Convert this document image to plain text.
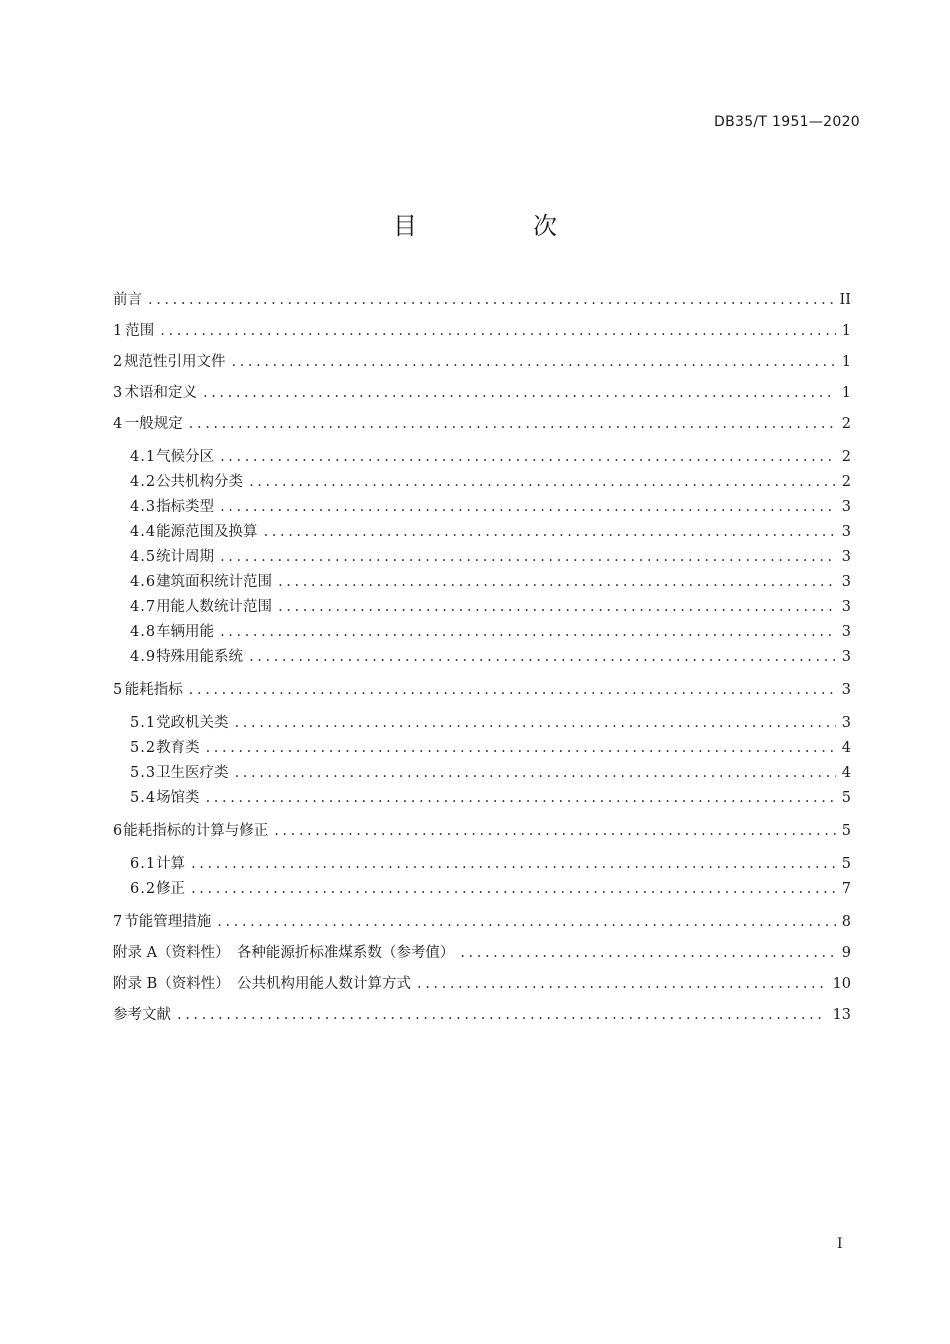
DB35/T 1951—2020
目　次
前言 .....	II
1 范围 .....	1
2 规范性引用文件 .....	1
3 术语和定义 .....	1
4 一般规定 .....	2
4.1 气候分区 .....	2
4.2 公共机构分类 .....	2
4.3 指标类型 .....	3
4.4 能源范围及换算 .....	3
4.5 统计周期 .....	3
4.6 建筑面积统计范围 .....	3
4.7 用能人数统计范围 .....	3
4.8 车辆用能 .....	3
4.9 特殊用能系统 .....	3
5 能耗指标 .....	3
5.1 党政机关类 .....	3
5.2 教育类 .....	4
5.3 卫生医疗类 .....	4
5.4 场馆类 .....	5
6 能耗指标的计算与修正 .....	5
6.1 计算 .....	5
6.2 修正 .....	7
7 节能管理措施 .....	8
附录 A（资料性）　各种能源折标准煤系数（参考值） .....	9
附录 B（资料性）　公共机构用能人数计算方式 .....	10
参考文献 .....	13
I
